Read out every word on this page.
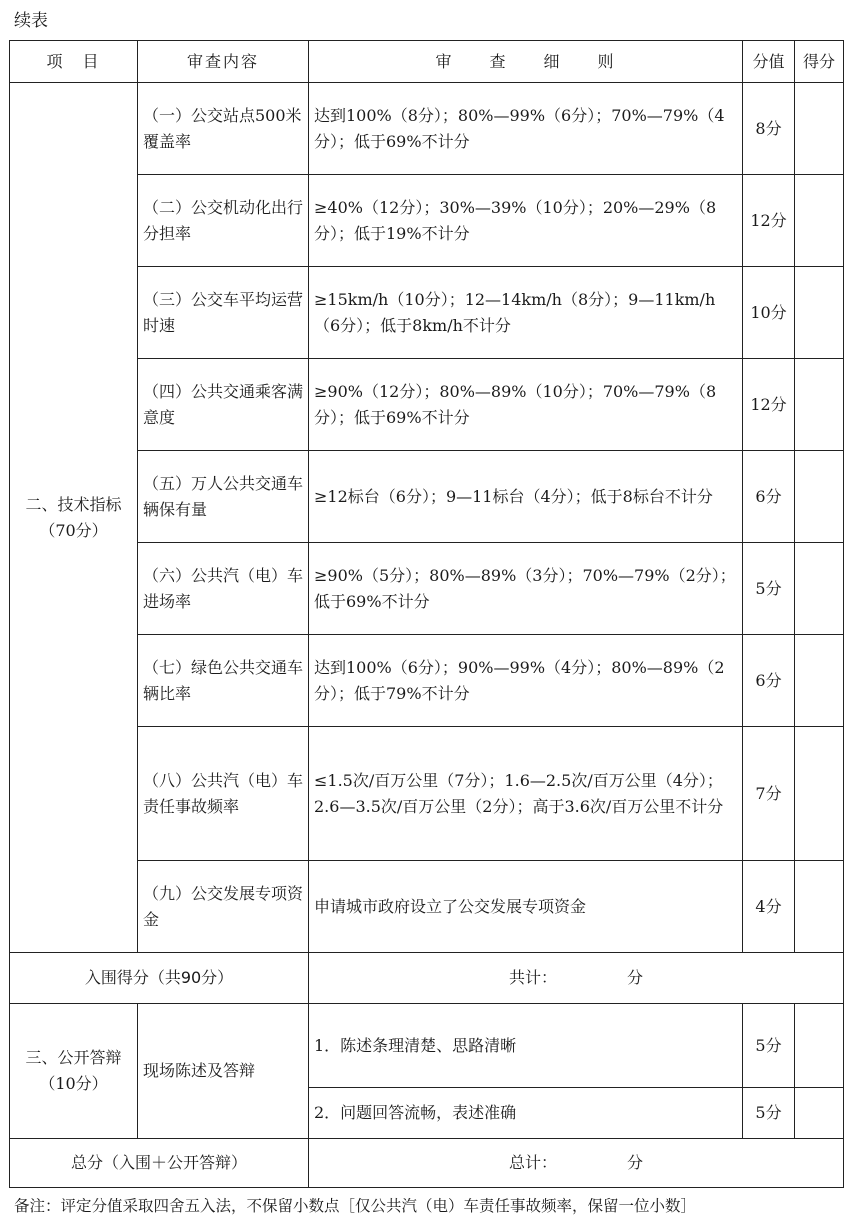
续表
项　目	审查内容	审　　查　　细　　则	分值	得分

二、技术指标
（70分）	（一）公交站点500米覆盖率	达到100%（8分）；80%—99%（6分）；70%—79%（4分）；低于69%不计分	8分	
	（二）公交机动化出行分担率	≥40%（12分）；30%—39%（10分）；20%—29%（8分）；低于19%不计分	12分	
	（三）公交车平均运营时速	≥15km/h（10分）；12—14km/h（8分）；9—11km/h（6分）；低于8km/h不计分	10分	
	（四）公共交通乘客满意度	≥90%（12分）；80%—89%（10分）；70%—79%（8分）；低于69%不计分	12分	
	（五）万人公共交通车辆保有量	≥12标台（6分）；9—11标台（4分）；低于8标台不计分	6分	
	（六）公共汽（电）车进场率	≥90%（5分）；80%—89%（3分）；70%—79%（2分）；低于69%不计分	5分	
	（七）绿色公共交通车辆比率	达到100%（6分）；90%—99%（4分）；80%—89%（2分）；低于79%不计分	6分	
	（八）公共汽（电）车责任事故频率	≤1.5次/百万公里（7分）；1.6—2.5次/百万公里（4分）；2.6—3.5次/百万公里（2分）；高于3.6次/百万公里不计分	7分	
	（九）公交发展专项资金	申请城市政府设立了公交发展专项资金	4分	
入围得分（共90分）		共计： 分		

三、公开答辩
（10分）	现场陈述及答辩	1．陈述条理清楚、思路清晰	5分	
		2．问题回答流畅，表述准确	5分	
总分（入围＋公开答辩）		总计： 分		
备注：评定分值采取四舍五入法，不保留小数点［仅公共汽（电）车责任事故频率，保留一位小数］
